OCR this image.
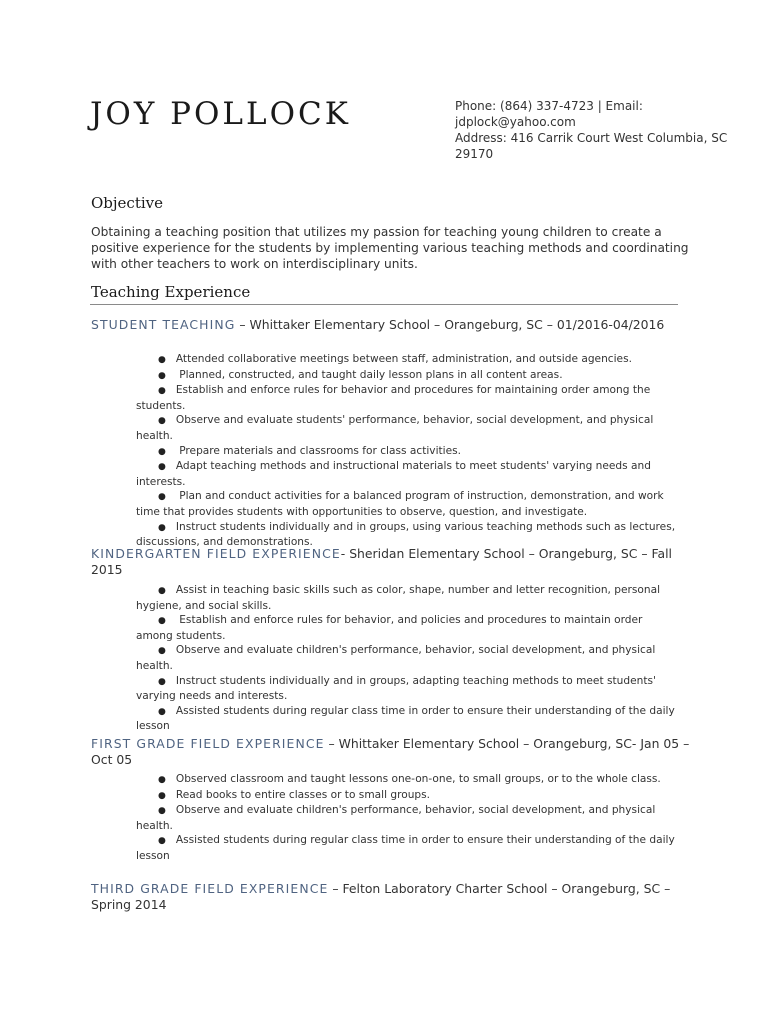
JOY POLLOCK	Phone: (864) 337-4723 | Email:
jdplock@yahoo.com
Address: 416 Carrik Court West Columbia, SC
29170
Objective

Obtaining a teaching position that utilizes my passion for teaching young children to create a positive experience for the students by implementing various teaching methods and coordinating with other teachers to work on interdisciplinary units.

Teaching Experience
STUDENT TEACHING – Whittaker Elementary School – Orangeburg, SC – 01/2016-04/2016
● Attended collaborative meetings between staff, administration, and outside agencies.
● Planned, constructed, and taught daily lesson plans in all content areas.
● Establish and enforce rules for behavior and procedures for maintaining order among the students.
● Observe and evaluate students' performance, behavior, social development, and physical health.
● Prepare materials and classrooms for class activities.
● Adapt teaching methods and instructional materials to meet students' varying needs and interests.
● Plan and conduct activities for a balanced program of instruction, demonstration, and work time that provides students with opportunities to observe, question, and investigate.
● Instruct students individually and in groups, using various teaching methods such as lectures, discussions, and demonstrations.
KINDERGARTEN FIELD EXPERIENCE- Sheridan Elementary School – Orangeburg, SC – Fall 2015
● Assist in teaching basic skills such as color, shape, number and letter recognition, personal hygiene, and social skills.
● Establish and enforce rules for behavior, and policies and procedures to maintain order among students.
● Observe and evaluate children's performance, behavior, social development, and physical health.
● Instruct students individually and in groups, adapting teaching methods to meet students' varying needs and interests.
● Assisted students during regular class time in order to ensure their understanding of the daily lesson
FIRST GRADE FIELD EXPERIENCE – Whittaker Elementary School – Orangeburg, SC- Jan 05 – Oct 05
● Observed classroom and taught lessons one-on-one, to small groups, or to the whole class.
● Read books to entire classes or to small groups.
● Observe and evaluate children's performance, behavior, social development, and physical health.
● Assisted students during regular class time in order to ensure their understanding of the daily lesson
THIRD GRADE FIELD EXPERIENCE – Felton Laboratory Charter School – Orangeburg, SC – Spring 2014
